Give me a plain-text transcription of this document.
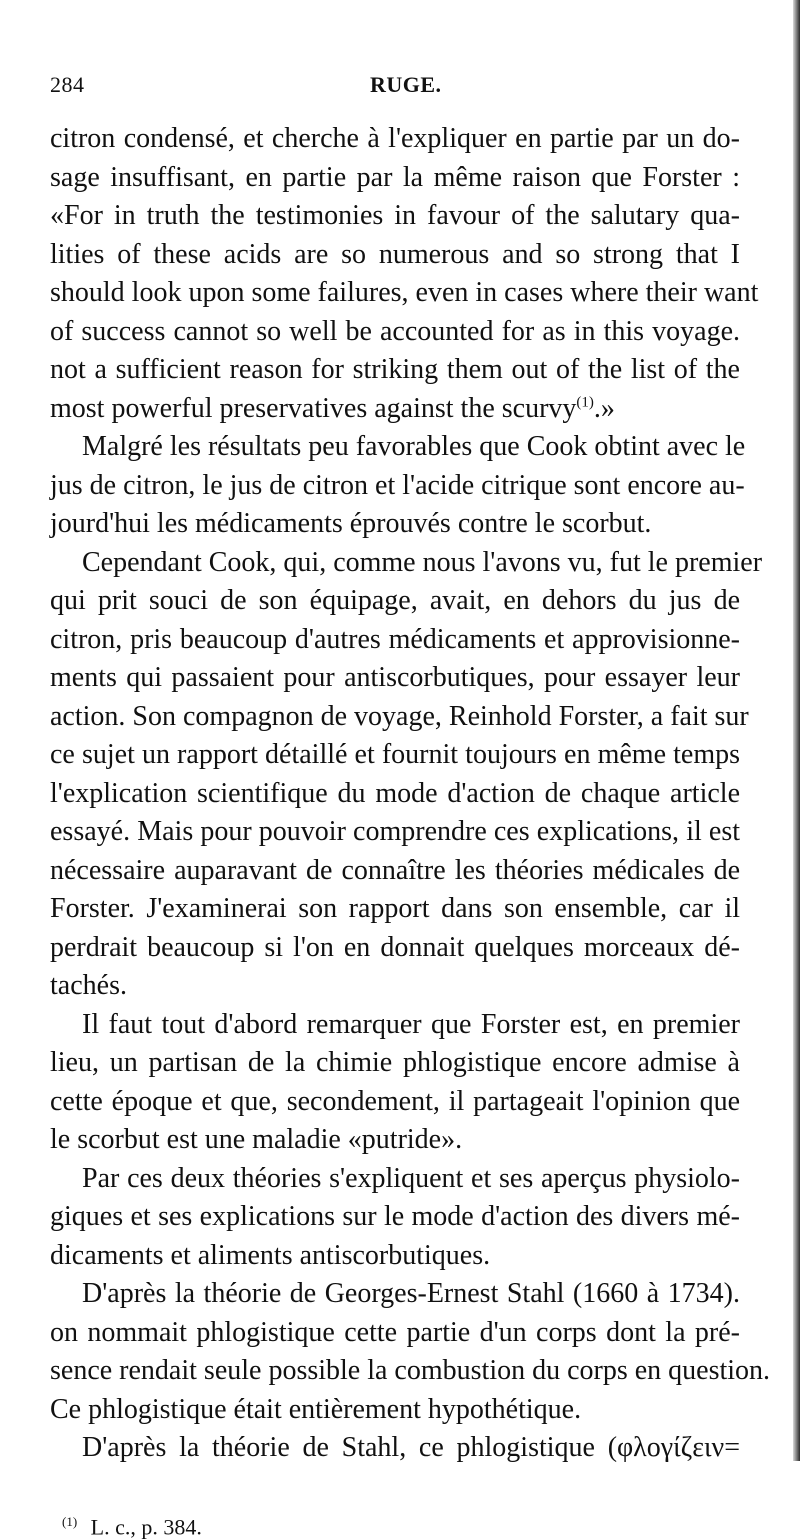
284	RUGE.
citron condensé, et cherche à l'expliquer en partie par un do-
sage insuffisant, en partie par la même raison que Forster :
«For in truth the testimonies in favour of the salutary qua-
lities of these acids are so numerous and so strong that I
should look upon some failures, even in cases where their want
of success cannot so well be accounted for as in this voyage.
not a sufficient reason for striking them out of the list of the
most powerful preservatives against the scurvy$^{(1)}$.»
Malgré les résultats peu favorables que Cook obtint avec le
jus de citron, le jus de citron et l'acide citrique sont encore au-
jourd'hui les médicaments éprouvés contre le scorbut.
Cependant Cook, qui, comme nous l'avons vu, fut le premier
qui prit souci de son équipage, avait, en dehors du jus de
citron, pris beaucoup d'autres médicaments et approvisionne-
ments qui passaient pour antiscorbutiques, pour essayer leur
action. Son compagnon de voyage, Reinhold Forster, a fait sur
ce sujet un rapport détaillé et fournit toujours en même temps
l'explication scientifique du mode d'action de chaque article
essayé. Mais pour pouvoir comprendre ces explications, il est
nécessaire auparavant de connaître les théories médicales de
Forster. J'examinerai son rapport dans son ensemble, car il
perdrait beaucoup si l'on en donnait quelques morceaux dé-
tachés.
Il faut tout d'abord remarquer que Forster est, en premier
lieu, un partisan de la chimie phlogistique encore admise à
cette époque et que, secondement, il partageait l'opinion que
le scorbut est une maladie «putride».
Par ces deux théories s'expliquent et ses aperçus physiolo-
giques et ses explications sur le mode d'action des divers mé-
dicaments et aliments antiscorbutiques.
D'après la théorie de Georges-Ernest Stahl (1660 à 1734).
on nommait phlogistique cette partie d'un corps dont la pré-
sence rendait seule possible la combustion du corps en question.
Ce phlogistique était entièrement hypothétique.
D'après la théorie de Stahl, ce phlogistique (φλογίζειν=
$^{(1)}$ L. c., p. 384.
